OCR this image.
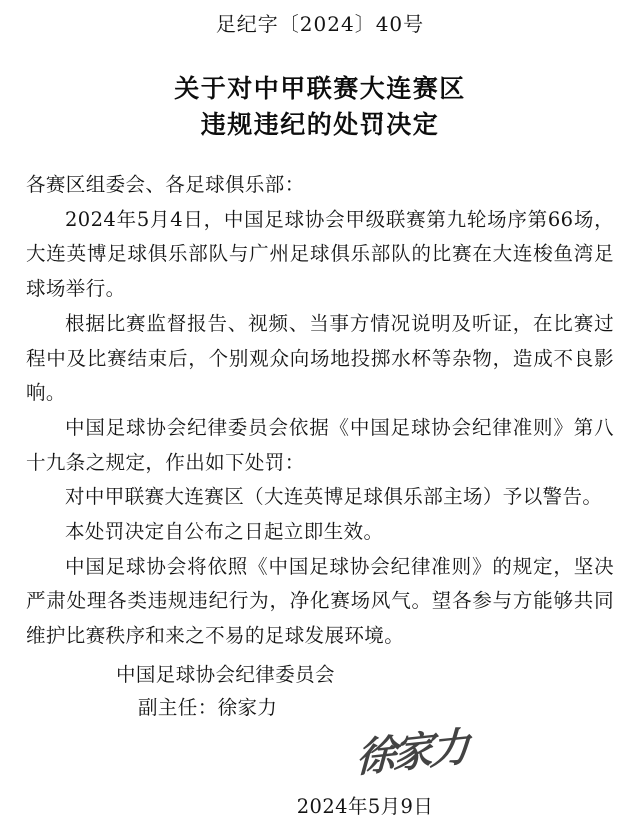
足纪字〔2024〕40号
关于对中甲联赛大连赛区
违规违纪的处罚决定

各赛区组委会、各足球俱乐部：

2024年5月4日，中国足球协会甲级联赛第九轮场序第66场，大连英博足球俱乐部队与广州足球俱乐部队的比赛在大连梭鱼湾足球场举行。

根据比赛监督报告、视频、当事方情况说明及听证，在比赛过程中及比赛结束后，个别观众向场地投掷水杯等杂物，造成不良影响。

中国足球协会纪律委员会依据《中国足球协会纪律准则》第八十九条之规定，作出如下处罚：

对中甲联赛大连赛区（大连英博足球俱乐部主场）予以警告。

本处罚决定自公布之日起立即生效。

中国足球协会将依照《中国足球协会纪律准则》的规定，坚决严肃处理各类违规违纪行为，净化赛场风气。望各参与方能够共同维护比赛秩序和来之不易的足球发展环境。

中国足球协会纪律委员会
副主任：徐家力
徐家力
2024年5月9日
